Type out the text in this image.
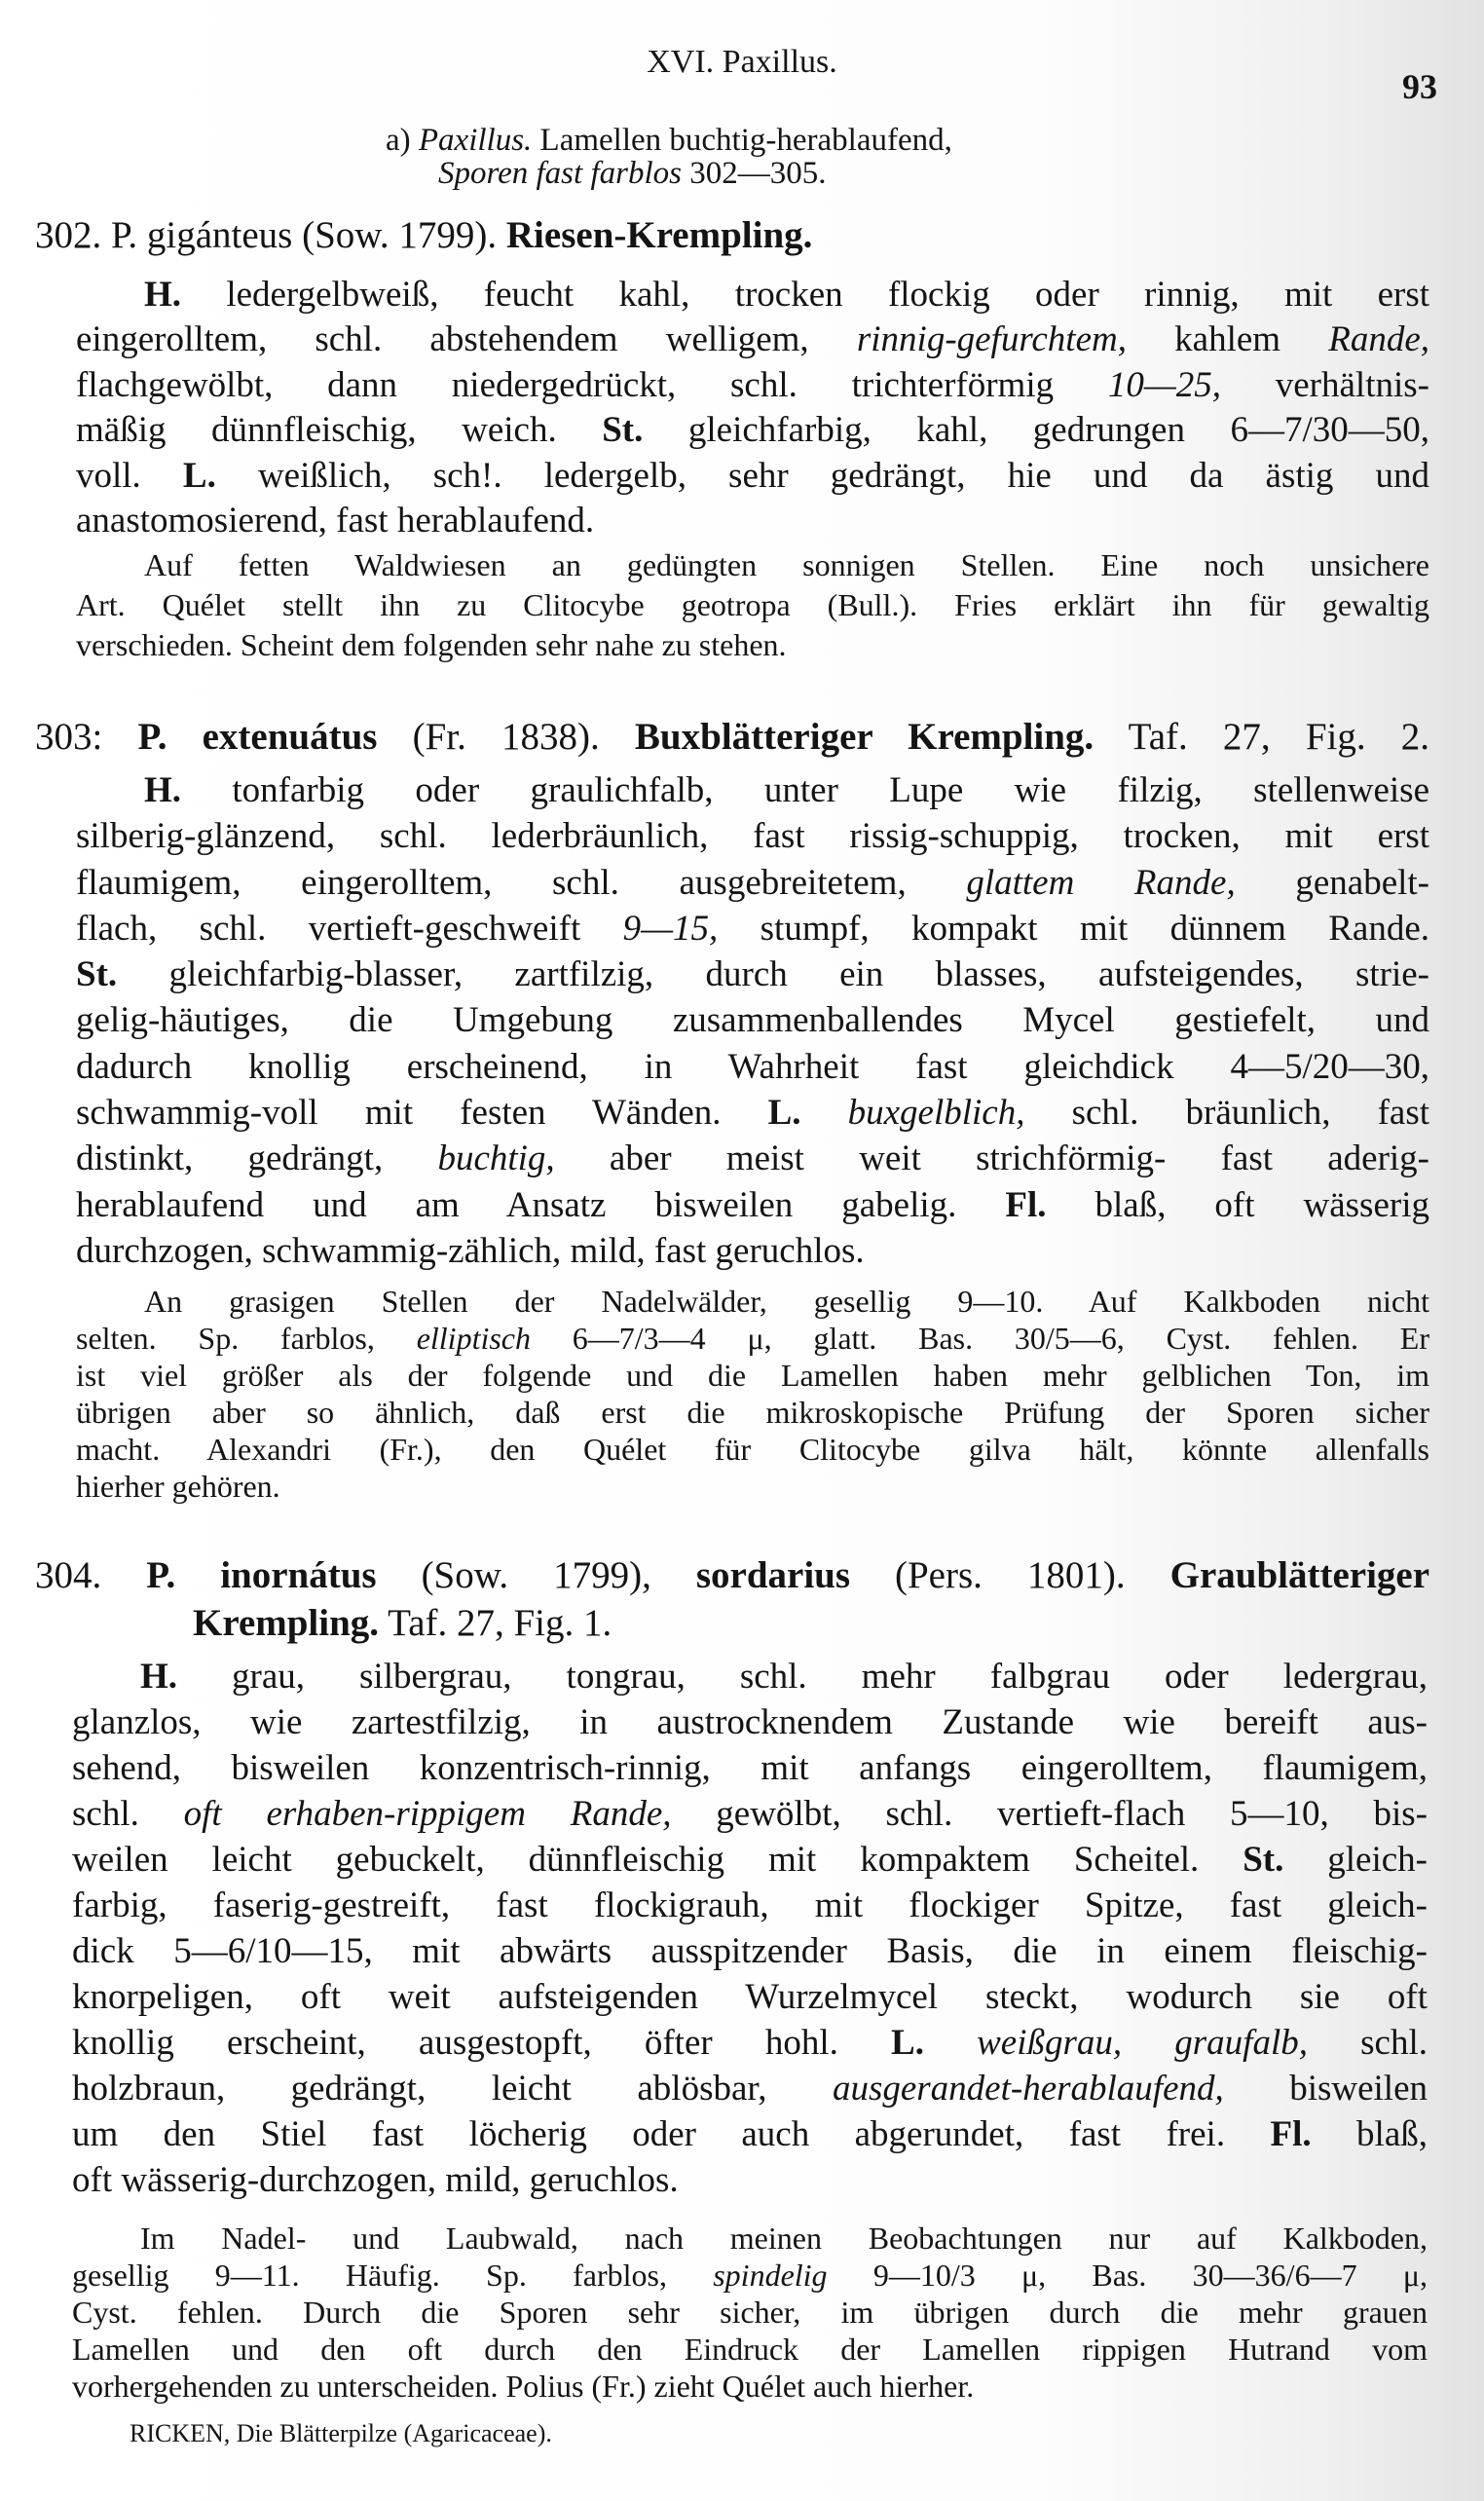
XVI. Paxillus.
93
a) Paxillus. Lamellen buchtig-herablaufend,
Sporen fast farblos 302—305.
302. P. gigánteus (Sow. 1799). Riesen-Krempling.
H. ledergelbweiß, feucht kahl, trocken flockig oder rinnig, mit erst
eingerolltem, schl. abstehendem welligem, rinnig-gefurchtem, kahlem Rande,
flachgewölbt, dann niedergedrückt, schl. trichterförmig 10—25, verhältnis-
mäßig dünnfleischig, weich. St. gleichfarbig, kahl, gedrungen 6—7/30—50,
voll. L. weißlich, sch!. ledergelb, sehr gedrängt, hie und da ästig und
anastomosierend, fast herablaufend.
Auf fetten Waldwiesen an gedüngten sonnigen Stellen. Eine noch unsichere
Art. Quélet stellt ihn zu Clitocybe geotropa (Bull.). Fries erklärt ihn für gewaltig
verschieden. Scheint dem folgenden sehr nahe zu stehen.
303: P. extenuátus (Fr. 1838). Buxblätteriger Krempling. Taf. 27, Fig. 2.
H. tonfarbig oder graulichfalb, unter Lupe wie filzig, stellenweise
silberig-glänzend, schl. lederbräunlich, fast rissig-schuppig, trocken, mit erst
flaumigem, eingerolltem, schl. ausgebreitetem, glattem Rande, genabelt-
flach, schl. vertieft-geschweift 9—15, stumpf, kompakt mit dünnem Rande.
St. gleichfarbig-blasser, zartfilzig, durch ein blasses, aufsteigendes, strie-
gelig-häutiges, die Umgebung zusammenballendes Mycel gestiefelt, und
dadurch knollig erscheinend, in Wahrheit fast gleichdick 4—5/20—30,
schwammig-voll mit festen Wänden. L. buxgelblich, schl. bräunlich, fast
distinkt, gedrängt, buchtig, aber meist weit strichförmig- fast aderig-
herablaufend und am Ansatz bisweilen gabelig. Fl. blaß, oft wässerig
durchzogen, schwammig-zählich, mild, fast geruchlos.
An grasigen Stellen der Nadelwälder, gesellig 9—10. Auf Kalkboden nicht
selten. Sp. farblos, elliptisch 6—7/3—4 μ, glatt. Bas. 30/5—6, Cyst. fehlen. Er
ist viel größer als der folgende und die Lamellen haben mehr gelblichen Ton, im
übrigen aber so ähnlich, daß erst die mikroskopische Prüfung der Sporen sicher
macht. Alexandri (Fr.), den Quélet für Clitocybe gilva hält, könnte allenfalls
hierher gehören.
304. P. inornátus (Sow. 1799), sordarius (Pers. 1801). Graublätteriger
Krempling. Taf. 27, Fig. 1.
H. grau, silbergrau, tongrau, schl. mehr falbgrau oder ledergrau,
glanzlos, wie zartestfilzig, in austrocknendem Zustande wie bereift aus-
sehend, bisweilen konzentrisch-rinnig, mit anfangs eingerolltem, flaumigem,
schl. oft erhaben-rippigem Rande, gewölbt, schl. vertieft-flach 5—10, bis-
weilen leicht gebuckelt, dünnfleischig mit kompaktem Scheitel. St. gleich-
farbig, faserig-gestreift, fast flockigrauh, mit flockiger Spitze, fast gleich-
dick 5—6/10—15, mit abwärts ausspitzender Basis, die in einem fleischig-
knorpeligen, oft weit aufsteigenden Wurzelmycel steckt, wodurch sie oft
knollig erscheint, ausgestopft, öfter hohl. L. weißgrau, graufalb, schl.
holzbraun, gedrängt, leicht ablösbar, ausgerandet-herablaufend, bisweilen
um den Stiel fast löcherig oder auch abgerundet, fast frei. Fl. blaß,
oft wässerig-durchzogen, mild, geruchlos.
Im Nadel- und Laubwald, nach meinen Beobachtungen nur auf Kalkboden,
gesellig 9—11. Häufig. Sp. farblos, spindelig 9—10/3 μ, Bas. 30—36/6—7 μ,
Cyst. fehlen. Durch die Sporen sehr sicher, im übrigen durch die mehr grauen
Lamellen und den oft durch den Eindruck der Lamellen rippigen Hutrand vom
vorhergehenden zu unterscheiden. Polius (Fr.) zieht Quélet auch hierher.
RICKEN, Die Blätterpilze (Agaricaceae).
